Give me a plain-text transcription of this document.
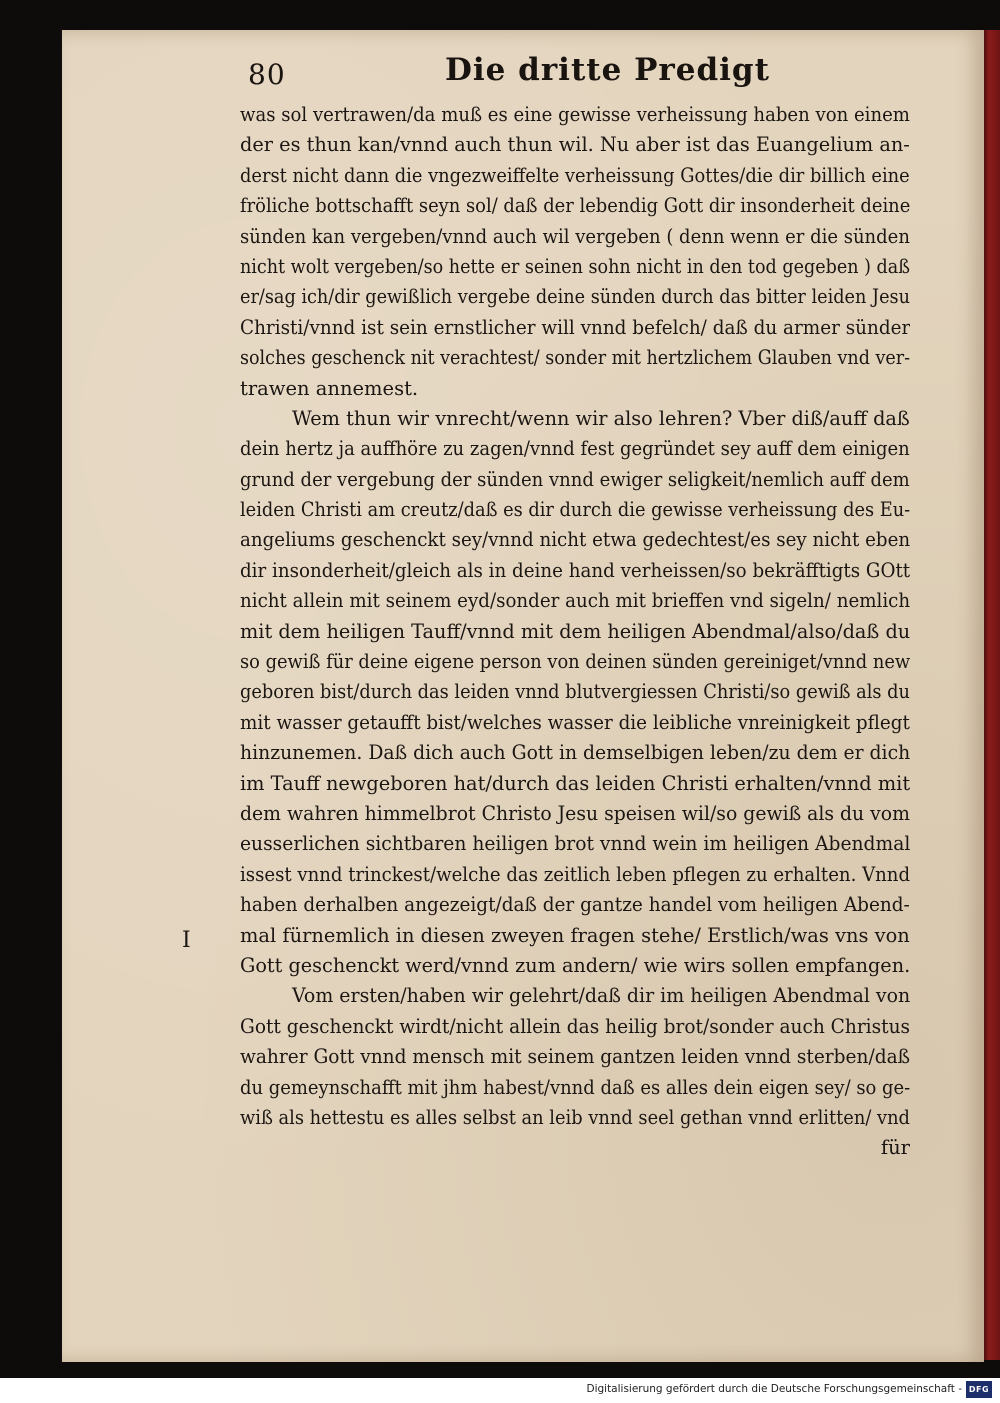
80	Die dritte Predigt
was sol vertrawen/da muß es eine gewisse verheissung haben von einem
der es thun kan/vnnd auch thun wil. Nu aber ist das Euangelium an-
derst nicht dann die vngezweiffelte verheissung Gottes/die dir billich eine
fröliche bottschafft seyn sol/ daß der lebendig Gott dir insonderheit deine
sünden kan vergeben/vnnd auch wil vergeben ( denn wenn er die sünden
nicht wolt vergeben/so hette er seinen sohn nicht in den tod gegeben ) daß
er/sag ich/dir gewißlich vergebe deine sünden durch das bitter leiden Jesu
Christi/vnnd ist sein ernstlicher will vnnd befelch/ daß du armer sünder
solches geschenck nit verachtest/ sonder mit hertzlichem Glauben vnd ver-
trawen annemest.
Wem thun wir vnrecht/wenn wir also lehren? Vber diß/auff daß
dein hertz ja auffhöre zu zagen/vnnd fest gegründet sey auff dem einigen
grund der vergebung der sünden vnnd ewiger seligkeit/nemlich auff dem
leiden Christi am creutz/daß es dir durch die gewisse verheissung des Eu-
angeliums geschenckt sey/vnnd nicht etwa gedechtest/es sey nicht eben
dir insonderheit/gleich als in deine hand verheissen/so bekräfftigts GOtt
nicht allein mit seinem eyd/sonder auch mit brieffen vnd sigeln/ nemlich
mit dem heiligen Tauff/vnnd mit dem heiligen Abendmal/also/daß du
so gewiß für deine eigene person von deinen sünden gereiniget/vnnd new
geboren bist/durch das leiden vnnd blutvergiessen Christi/so gewiß als du
mit wasser getaufft bist/welches wasser die leibliche vnreinigkeit pflegt
hinzunemen. Daß dich auch Gott in demselbigen leben/zu dem er dich
im Tauff newgeboren hat/durch das leiden Christi erhalten/vnnd mit
dem wahren himmelbrot Christo Jesu speisen wil/so gewiß als du vom
eusserlichen sichtbaren heiligen brot vnnd wein im heiligen Abendmal
issest vnnd trinckest/welche das zeitlich leben pflegen zu erhalten. Vnnd
haben derhalben angezeigt/daß der gantze handel vom heiligen Abend-
mal fürnemlich in diesen zweyen fragen stehe/ Erstlich/was vns von
Gott geschenckt werd/vnnd zum andern/ wie wirs sollen empfangen.
Vom ersten/haben wir gelehrt/daß dir im heiligen Abendmal von
Gott geschenckt wirdt/nicht allein das heilig brot/sonder auch Christus
wahrer Gott vnnd mensch mit seinem gantzen leiden vnnd sterben/daß
du gemeynschafft mit jhm habest/vnnd daß es alles dein eigen sey/ so ge-
wiß als hettestu es alles selbst an leib vnnd seel gethan vnnd erlitten/ vnd
für
I
Digitalisierung gefördert durch die Deutsche Forschungsgemeinschaft - DFG
